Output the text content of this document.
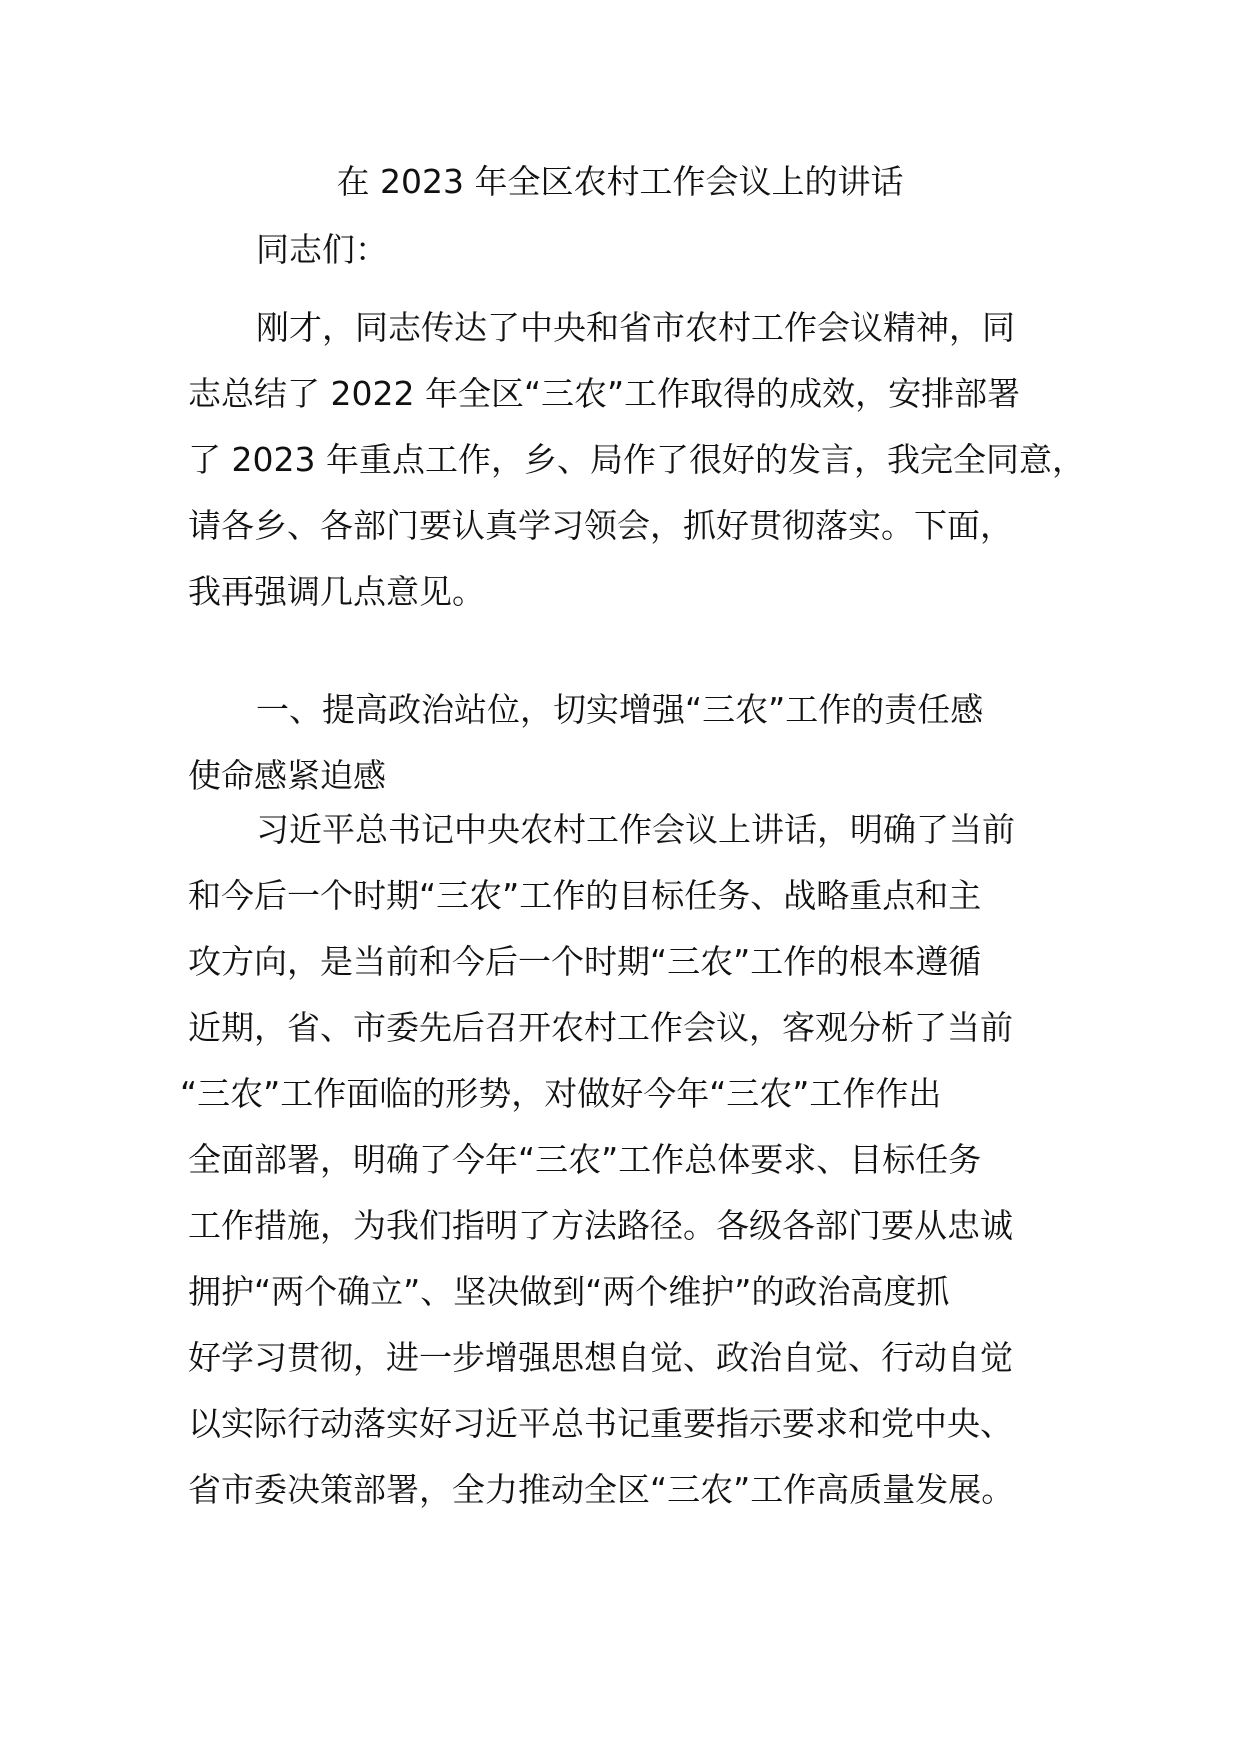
在 2023 年全区农村工作会议上的讲话
同志们：
刚才，同志传达了中央和省市农村工作会议精神，同
志总结了 2022 年全区“三农”工作取得的成效，安排部署
了 2023 年重点工作，乡、局作了很好的发言，我完全同意，
请各乡、各部门要认真学习领会，抓好贯彻落实。下面，
我再强调几点意见。
一、提高政治站位，切实增强“三农”工作的责任感
使命感紧迫感
习近平总书记中央农村工作会议上讲话，明确了当前
和今后一个时期“三农”工作的目标任务、战略重点和主
攻方向，是当前和今后一个时期“三农”工作的根本遵循
近期，省、市委先后召开农村工作会议，客观分析了当前
“三农”工作面临的形势，对做好今年“三农”工作作出
全面部署，明确了今年“三农”工作总体要求、目标任务
工作措施，为我们指明了方法路径。各级各部门要从忠诚
拥护“两个确立”、坚决做到“两个维护”的政治高度抓
好学习贯彻，进一步增强思想自觉、政治自觉、行动自觉
以实际行动落实好习近平总书记重要指示要求和党中央、
省市委决策部署，全力推动全区“三农”工作高质量发展。
